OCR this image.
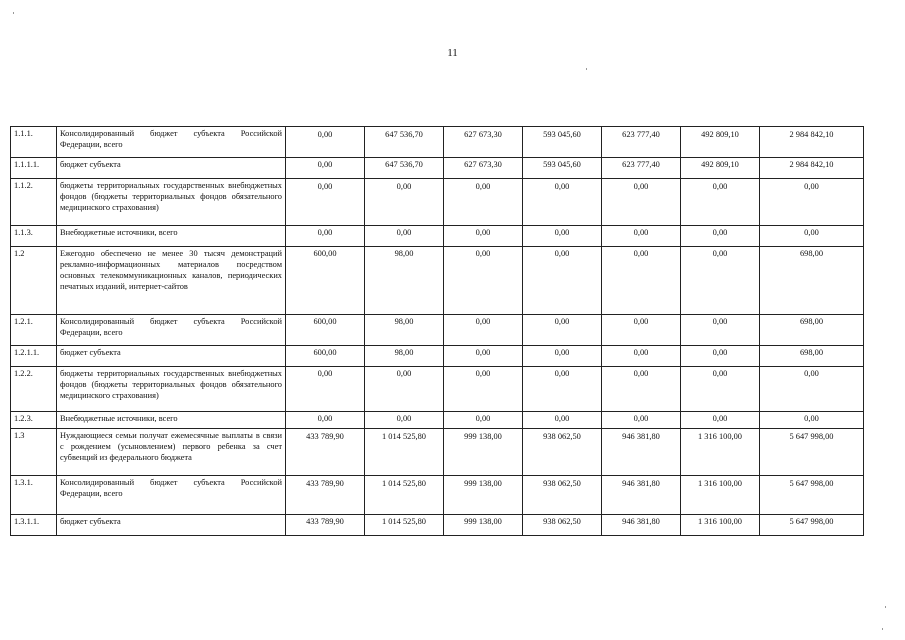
11
1.1.1.	Консолидированный бюджет субъекта Российской Федерации, всего	0,00	647 536,70	627 673,30	593 045,60	623 777,40	492 809,10	2 984 842,10
1.1.1.1.	бюджет субъекта	0,00	647 536,70	627 673,30	593 045,60	623 777,40	492 809,10	2 984 842,10
1.1.2.	бюджеты территориальных государственных внебюджетных фондов (бюджеты территориальных фондов обязательного медицинского страхования)	0,00	0,00	0,00	0,00	0,00	0,00	0,00
1.1.3.	Внебюджетные источники, всего	0,00	0,00	0,00	0,00	0,00	0,00	0,00
1.2	Ежегодно обеспечено не менее 30 тысяч демонстраций рекламно-информационных материалов посредством основных телекоммуникационных каналов, периодических печатных изданий, интернет-сайтов	600,00	98,00	0,00	0,00	0,00	0,00	698,00
1.2.1.	Консолидированный бюджет субъекта Российской Федерации, всего	600,00	98,00	0,00	0,00	0,00	0,00	698,00
1.2.1.1.	бюджет субъекта	600,00	98,00	0,00	0,00	0,00	0,00	698,00
1.2.2.	бюджеты территориальных государственных внебюджетных фондов (бюджеты территориальных фондов обязательного медицинского страхования)	0,00	0,00	0,00	0,00	0,00	0,00	0,00
1.2.3.	Внебюджетные источники, всего	0,00	0,00	0,00	0,00	0,00	0,00	0,00
1.3	Нуждающиеся семьи получат ежемесячные выплаты в связи с рождением (усыновлением) первого ребенка за счет субвенций из федерального бюджета	433 789,90	1 014 525,80	999 138,00	938 062,50	946 381,80	1 316 100,00	5 647 998,00
1.3.1.	Консолидированный бюджет субъекта Российской Федерации, всего	433 789,90	1 014 525,80	999 138,00	938 062,50	946 381,80	1 316 100,00	5 647 998,00
1.3.1.1.	бюджет субъекта	433 789,90	1 014 525,80	999 138,00	938 062,50	946 381,80	1 316 100,00	5 647 998,00
